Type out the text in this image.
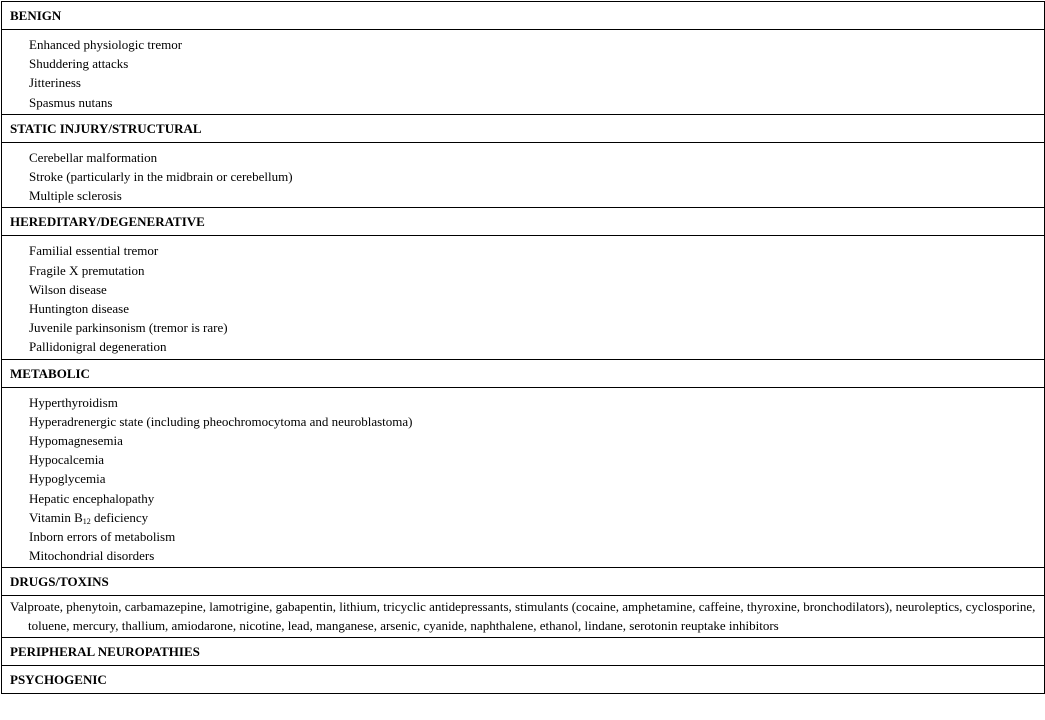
BENIGN
Enhanced physiologic tremor
Shuddering attacks
Jitteriness
Spasmus nutans
STATIC INJURY/STRUCTURAL
Cerebellar malformation
Stroke (particularly in the midbrain or cerebellum)
Multiple sclerosis
HEREDITARY/DEGENERATIVE
Familial essential tremor
Fragile X premutation
Wilson disease
Huntington disease
Juvenile parkinsonism (tremor is rare)
Pallidonigral degeneration
METABOLIC
Hyperthyroidism
Hyperadrenergic state (including pheochromocytoma and neuroblastoma)
Hypomagnesemia
Hypocalcemia
Hypoglycemia
Hepatic encephalopathy
Vitamin $B_{12}$ deficiency
Inborn errors of metabolism
Mitochondrial disorders
DRUGS/TOXINS
Valproate, phenytoin, carbamazepine, lamotrigine, gabapentin, lithium, tricyclic antidepressants, stimulants (cocaine, amphetamine, caffeine, thyroxine, bronchodilators), neuroleptics, cyclosporine, toluene, mercury, thallium, amiodarone, nicotine, lead, manganese, arsenic, cyanide, naphthalene, ethanol, lindane, serotonin reuptake inhibitors
PERIPHERAL NEUROPATHIES
PSYCHOGENIC
